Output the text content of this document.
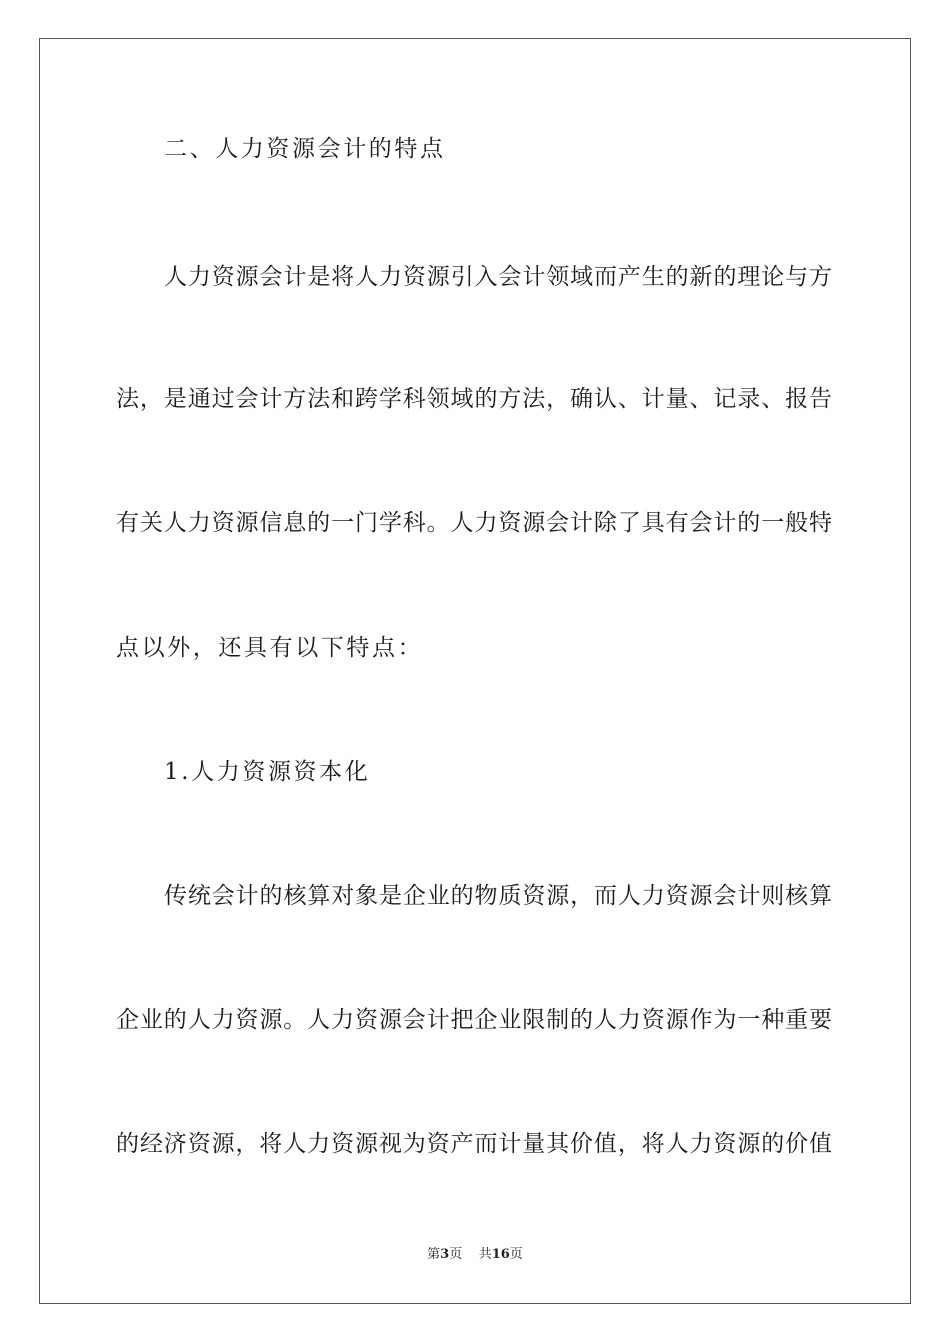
二、人力资源会计的特点
人力资源会计是将人力资源引入会计领域而产生的新的理论与方
法，是通过会计方法和跨学科领域的方法，确认、计量、记录、报告
有关人力资源信息的一门学科。人力资源会计除了具有会计的一般特
点以外，还具有以下特点：
1.人力资源资本化
传统会计的核算对象是企业的物质资源，而人力资源会计则核算
企业的人力资源。人力资源会计把企业限制的人力资源作为一种重要
的经济资源，将人力资源视为资产而计量其价值，将人力资源的价值
第3页 共16页
